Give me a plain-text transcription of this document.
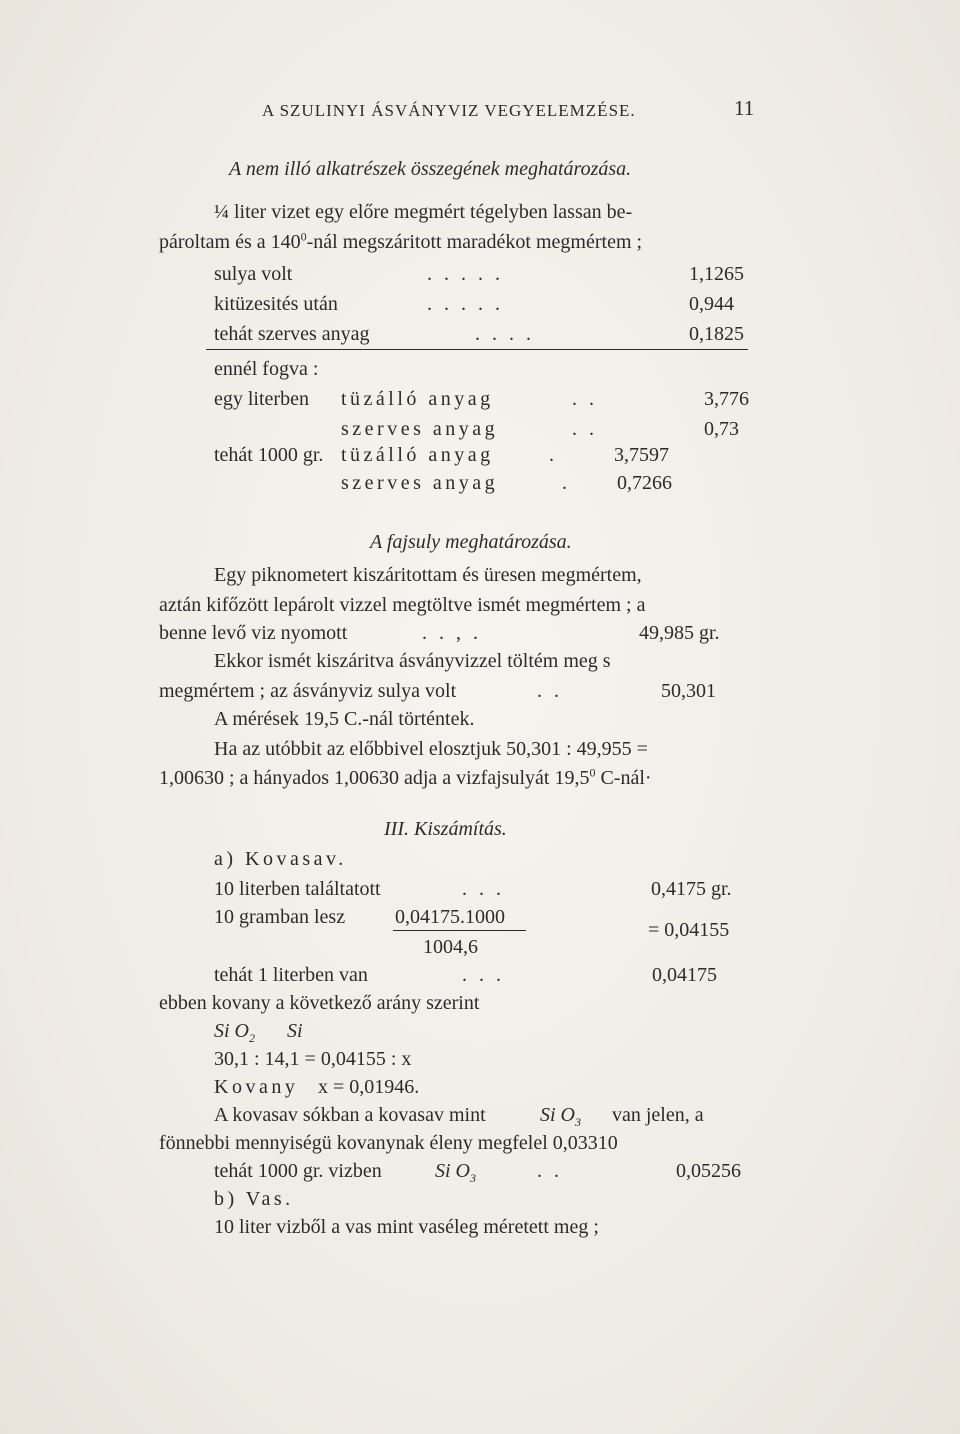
A SZULINYI ÁSVÁNYVIZ VEGYELEMZÉSE.	11
A nem illó alkatrészek összegének meghatározása.
¼ liter vizet egy előre megmért tégelyben lassan be-
pároltam és a $140^0$-nál megszáritott maradékot megmértem ;
sulya volt	. . . . .	1,1265
kitüzesités után	. . . . .	0,944
tehát szerves anyag	. . . .	0,1825
ennél fogva :
egy literben tüzálló anyag	. .	3,776
szerves anyag	. .	0,73
tehát 1000 gr. tüzálló anyag	.	3,7597
szerves anyag	.	0,7266
A fajsuly meghatározása.
Egy piknometert kiszáritottam és üresen megmértem,
aztán kifőzött lepárolt vizzel megtöltve ismét megmértem ; a
benne levő viz nyomott	. . , .	49,985 gr.
Ekkor ismét kiszáritva ásványvizzel töltém meg s
megmértem ; az ásványviz sulya volt	. .	50,301
A mérések 19,5 C.-nál történtek.
Ha az utóbbit az előbbivel elosztjuk 50,301 : 49,955 =
1,00630 ; a hányados 1,00630 adja a vizfajsulyát 19,5$^0$ C-nál·
III. Kiszámítás.
a) Kovasav.
10 literben találtatott	. . .	0,4175 gr.
10 gramban lesz 0,04175.1000
1004,6
= 0,04155
tehát 1 literben van	. . .	0,04175
ebben kovany a következő arány szerint
Si $O_2$ Si
30,1 : 14,1 = 0,04155 : x
Kovany x = 0,01946.
A kovasav sókban a kovasav mint	Si $O_3$ van jelen, a
fönnebbi mennyiségü kovanynak éleny megfelel 0,03310
tehát 1000 gr. vizben	Si $O_3$	. .	0,05256
b) Vas.
10 liter vizből a vas mint vaséleg méretett meg ;
